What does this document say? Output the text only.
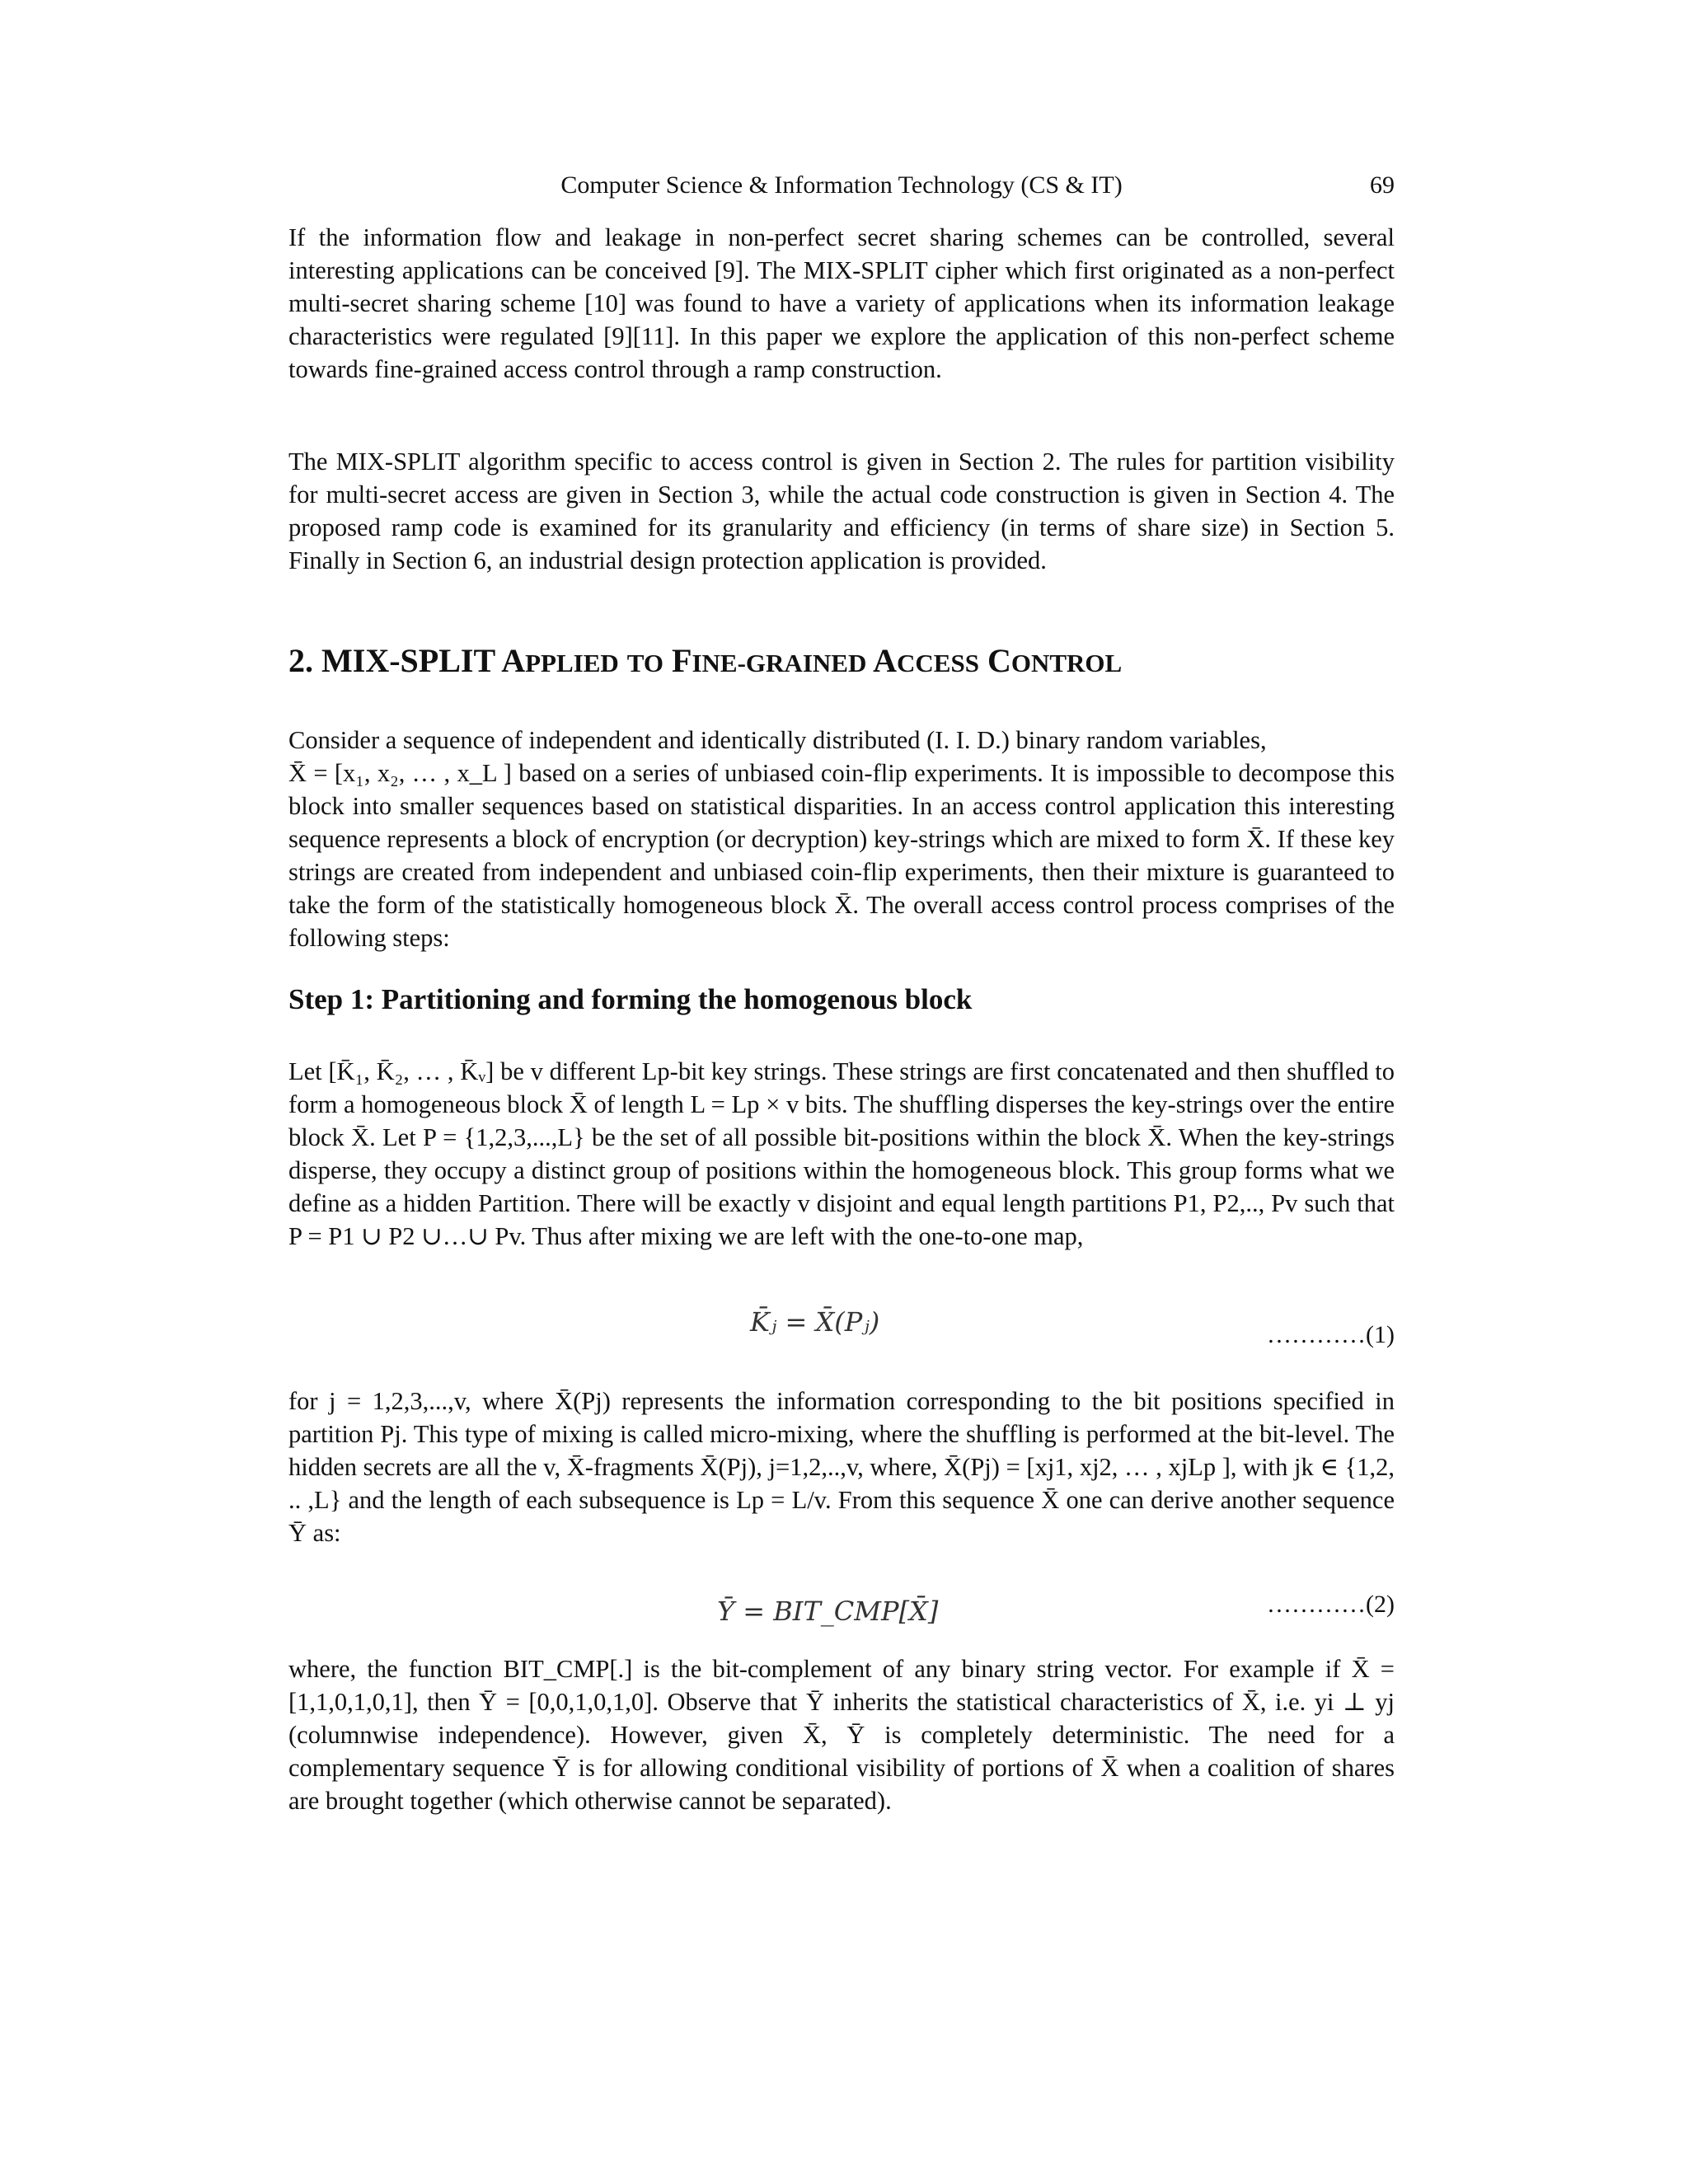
Computer Science & Information Technology (CS & IT)	69

If the information flow and leakage in non-perfect secret sharing schemes can be controlled, several interesting applications can be conceived [9]. The MIX-SPLIT cipher which first originated as a non-perfect multi-secret sharing scheme [10] was found to have a variety of applications when its information leakage characteristics were regulated [9][11]. In this paper we explore the application of this non-perfect scheme towards fine-grained access control through a ramp construction.

The MIX-SPLIT algorithm specific to access control is given in Section 2. The rules for partition visibility for multi-secret access are given in Section 3, while the actual code construction is given in Section 4. The proposed ramp code is examined for its granularity and efficiency (in terms of share size) in Section 5. Finally in Section 6, an industrial design protection application is provided.

2. MIX-SPLIT APPLIED TO FINE-GRAINED ACCESS CONTROL

Consider a sequence of independent and identically distributed (I. I. D.) binary random variables,

X̄ = [x₁, x₂, … , x_L ] based on a series of unbiased coin-flip experiments. It is impossible to decompose this block into smaller sequences based on statistical disparities. In an access control application this interesting sequence represents a block of encryption (or decryption) key-strings which are mixed to form X̄. If these key strings are created from independent and unbiased coin-flip experiments, then their mixture is guaranteed to take the form of the statistically homogeneous block X̄. The overall access control process comprises of the following steps:

Step 1: Partitioning and forming the homogenous block

Let [K̄₁, K̄₂, … , K̄ᵥ] be v different Lp-bit key strings. These strings are first concatenated and then shuffled to form a homogeneous block X̄ of length L = Lp × v bits. The shuffling disperses the key-strings over the entire block X̄. Let P = {1,2,3,...,L} be the set of all possible bit-positions within the block X̄. When the key-strings disperse, they occupy a distinct group of positions within the homogeneous block. This group forms what we define as a hidden Partition. There will be exactly v disjoint and equal length partitions P1, P2,.., Pv such that P = P1 ∪ P2 ∪…∪ Pv. Thus after mixing we are left with the one-to-one map,

K̄ⱼ = X̄(Pⱼ)	…………(1)

for j = 1,2,3,...,v, where X̄(Pj) represents the information corresponding to the bit positions specified in partition Pj. This type of mixing is called micro-mixing, where the shuffling is performed at the bit-level. The hidden secrets are all the v, X̄-fragments X̄(Pj), j=1,2,..,v, where, X̄(Pj) = [xj1, xj2, … , xjLp ], with jk ∈ {1,2, .. ,L} and the length of each subsequence is Lp = L/v. From this sequence X̄ one can derive another sequence Ȳ as:

Ȳ = BIT_CMP[X̄]	…………(2)

where, the function BIT_CMP[.] is the bit-complement of any binary string vector. For example if X̄ = [1,1,0,1,0,1], then Ȳ = [0,0,1,0,1,0]. Observe that Ȳ inherits the statistical characteristics of X̄, i.e. yi ⊥ yj (columnwise independence). However, given X̄, Ȳ is completely deterministic. The need for a complementary sequence Ȳ is for allowing conditional visibility of portions of X̄ when a coalition of shares are brought together (which otherwise cannot be separated).
